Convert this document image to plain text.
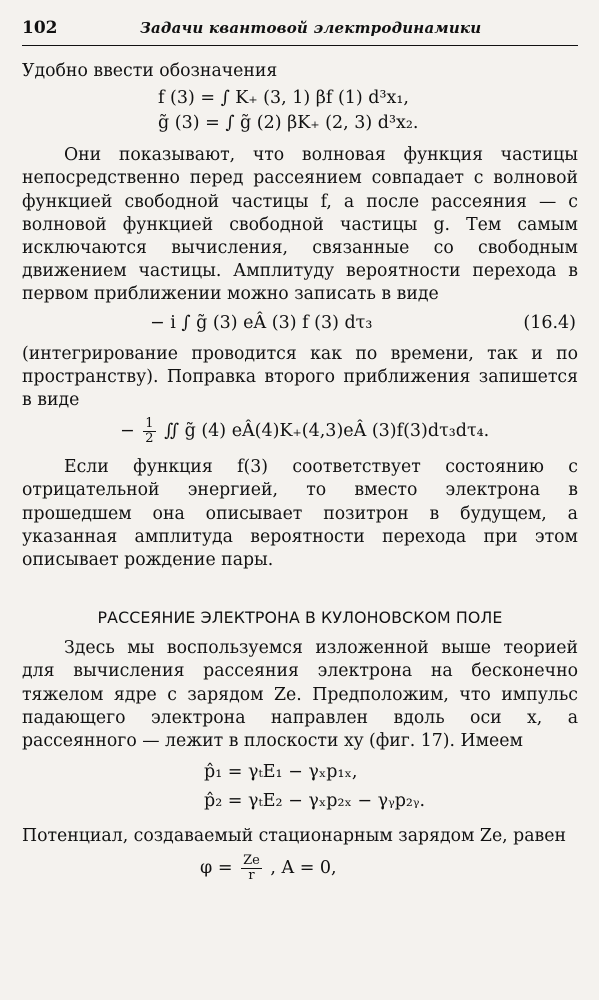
102	Задачи квантовой электродинамики

Удобно ввести обозначения

f (3) = ∫ K₊ (3, 1) βf (1) d³x₁,
g̃ (3) = ∫ g̃ (2) βK₊ (2, 3) d³x₂.

Они показывают, что волновая функция частицы непосредственно перед рассеянием совпадает с волновой функцией свободной частицы f, а после рассеяния — с волновой функцией свободной частицы g. Тем самым исключаются вычисления, связанные со свободным движением частицы. Амплитуду вероятности перехода в первом приближении можно записать в виде

− i ∫ g̃ (3) eÂ (3) f (3) dτ₃	(16.4)

(интегрирование проводится как по времени, так и по пространству). Поправка второго приближения запишется в виде

− $\frac{1}{2}$ ∬ g̃ (4) eÂ(4)K₊(4,3)eÂ (3)f(3)dτ₃dτ₄.

Если функция f(3) соответствует состоянию с отрицательной энергией, то вместо электрона в прошедшем она описывает позитрон в будущем, а указанная амплитуда вероятности перехода при этом описывает рождение пары.

РАССЕЯНИЕ ЭЛЕКТРОНА В КУЛОНОВСКОМ ПОЛЕ

Здесь мы воспользуемся изложенной выше теорией для вычисления рассеяния электрона на бесконечно тяжелом ядре с зарядом Ze. Предположим, что импульс падающего электрона направлен вдоль оси x, а рассеянного — лежит в плоскости xy (фиг. 17). Имеем

p̂₁ = γₜE₁ − γₓp₁ₓ,
p̂₂ = γₜE₂ − γₓp₂ₓ − γᵧp₂ᵧ.

Потенциал, создаваемый стационарным зарядом Ze, равен

$\varphi = \frac{Ze}{r}$ , A = 0,
